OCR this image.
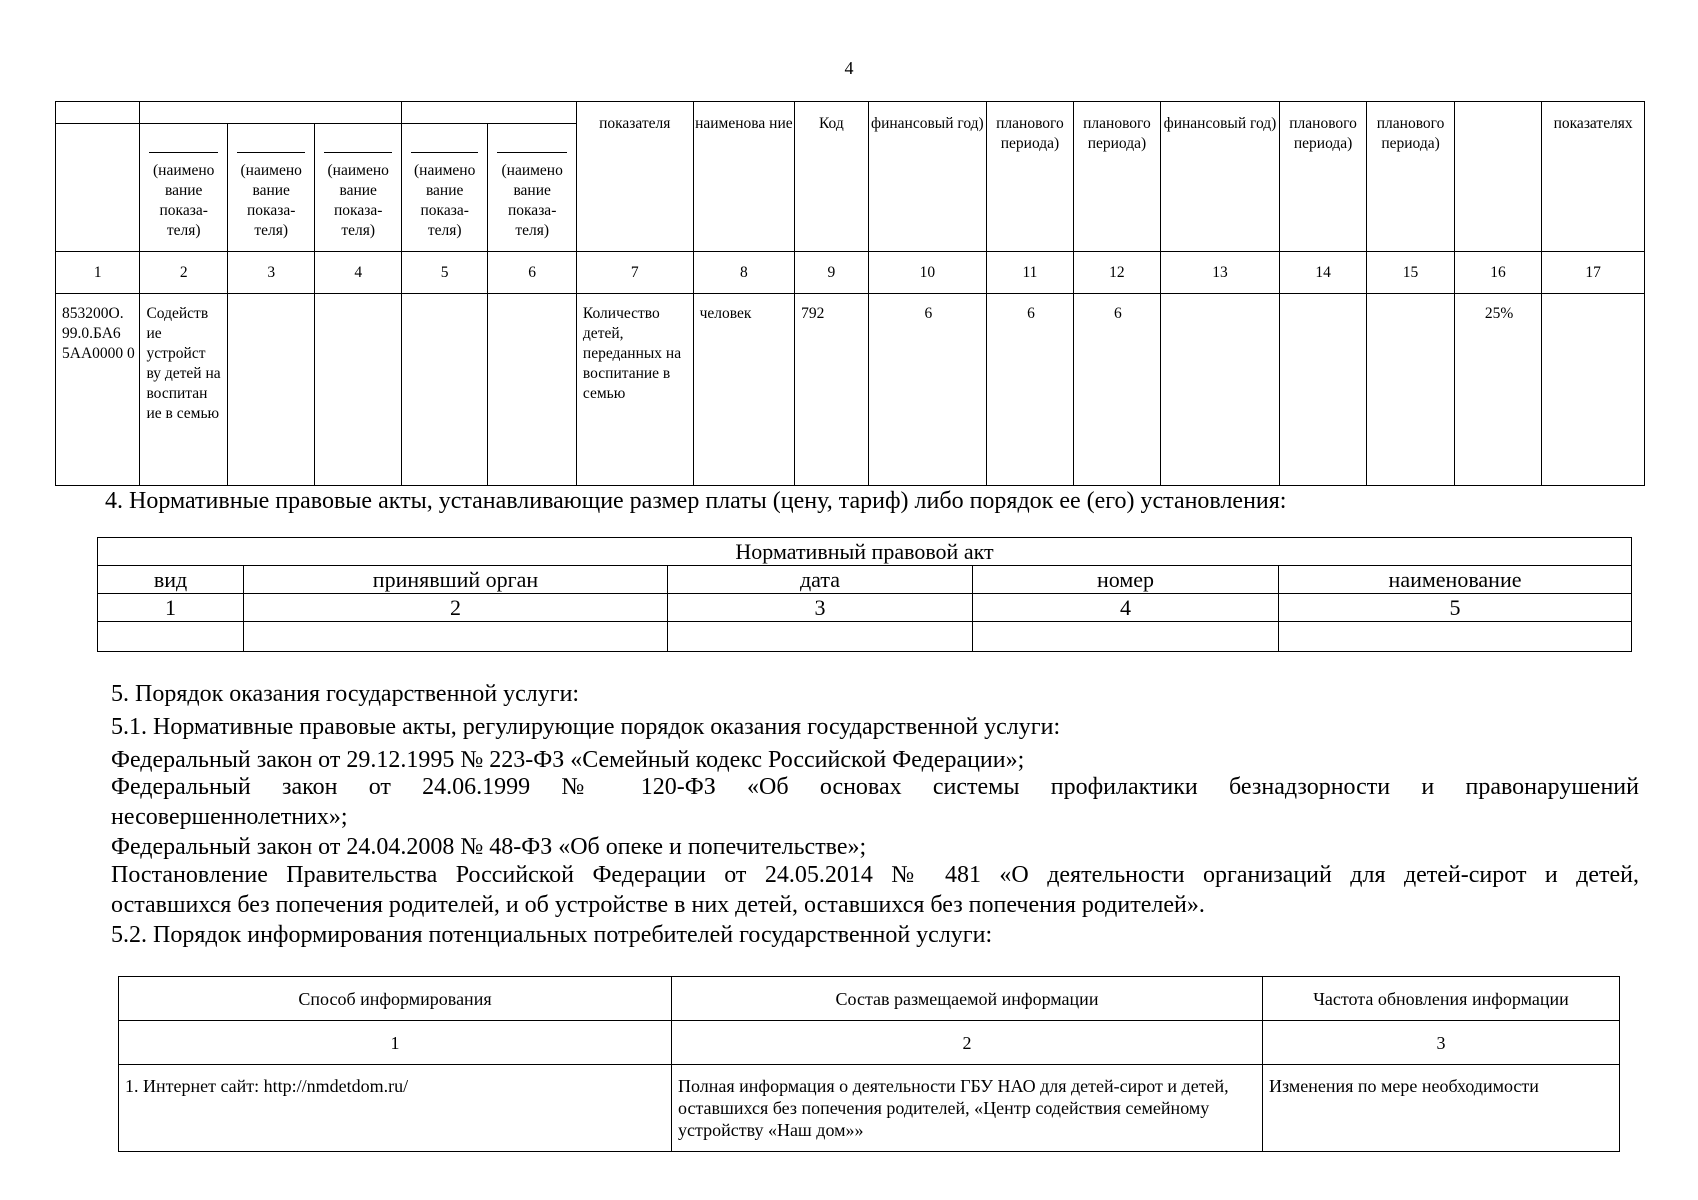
4
						показателя	наименова ние	Код	финансовый год)	планового периода)	планового периода)	финансовый год)	планового периода)	планового периода)		показателях

	(наимено вание показа- теля)	(наимено вание показа- теля)	(наимено вание показа- теля)	(наимено вание показа- теля)	(наимено вание показа- теля)											

1	2	3	4	5	6	7	8	9	10	11	12	13	14	15	16	17
853200О. 99.0.БА6 5АА0000 0	Содейств ие устройст ву детей на воспитан ие в семью					Количество детей, переданных на воспитание в семью	человек	792	6	6	6				25%	
4. Нормативные правовые акты, устанавливающие размер платы (цену, тариф) либо порядок ее (его) установления:
Нормативный правовой акт				
вид	принявший орган	дата	номер	наименование
1	2	3	4	5

5. Порядок оказания государственной услуги:
5.1. Нормативные правовые акты, регулирующие порядок оказания государственной услуги:
Федеральный закон от 29.12.1995 № 223-ФЗ «Семейный кодекс Российской Федерации»;
Федеральный закон от 24.06.1999 № 120-ФЗ «Об основах системы профилактики безнадзорности и правонарушений
несовершеннолетних»;
Федеральный закон от 24.04.2008 № 48-ФЗ «Об опеке и попечительстве»;
Постановление Правительства Российской Федерации от 24.05.2014 № 481 «О деятельности организаций для детей-сирот и детей,
оставшихся без попечения родителей, и об устройстве в них детей, оставшихся без попечения родителей».
5.2. Порядок информирования потенциальных потребителей государственной услуги:
Способ информирования	Состав размещаемой информации	Частота обновления информации
1	2	3
1. Интернет сайт: http://nmdetdom.ru/	Полная информация о деятельности ГБУ НАО для детей-сирот и детей, оставшихся без попечения родителей, «Центр содействия семейному устройству «Наш дом»»	Изменения по мере необходимости
